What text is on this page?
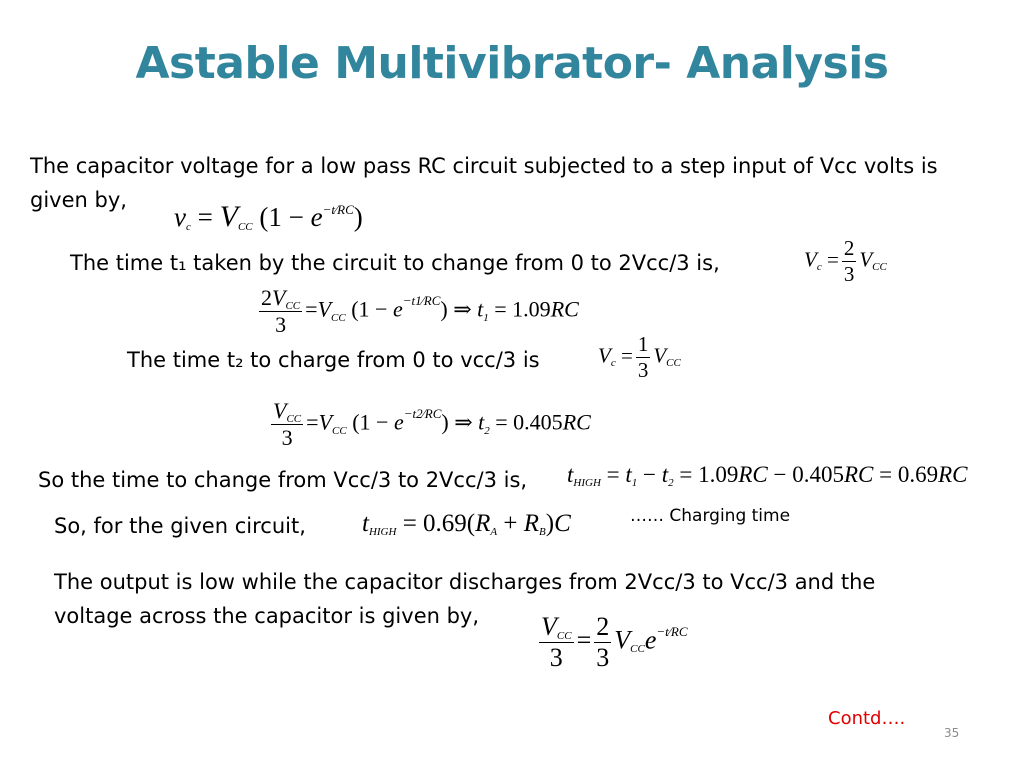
Astable Multivibrator- Analysis
The capacitor voltage for a low pass RC circuit subjected to a step input of Vcc volts is
given by,
vc = VCC (1 − e−t⁄RC)
The time t₁ taken by the circuit to change from 0 to 2Vcc/3 is,	$Vc = \frac{2}{3}$ VCC
$\frac{\text{2VCC}}{3} =VCC$ (1 − e−t1⁄RC) ⇒ t1 = 1.09RC
The time t₂ to charge from 0 to vcc/3 is	$Vc = \frac{1}{3}$ VCC
$\frac{\text{VCC}}{3} =VCC$ (1 − e−t2⁄RC) ⇒ t2 = 0.405RC
So the time to change from Vcc/3 to 2Vcc/3 is, tHIGH = t1 − t2 = 1.09RC − 0.405RC = 0.69RC
So, for the given circuit, tHIGH = 0.69(RA + RB)C	…… Charging time
The output is low while the capacitor discharges from 2Vcc/3 to Vcc/3 and the
voltage across the capacitor is given by, $\frac{\text{VCC}}{3} = \frac{2}{3}$ VCCe−t⁄RC
Contd….
35
